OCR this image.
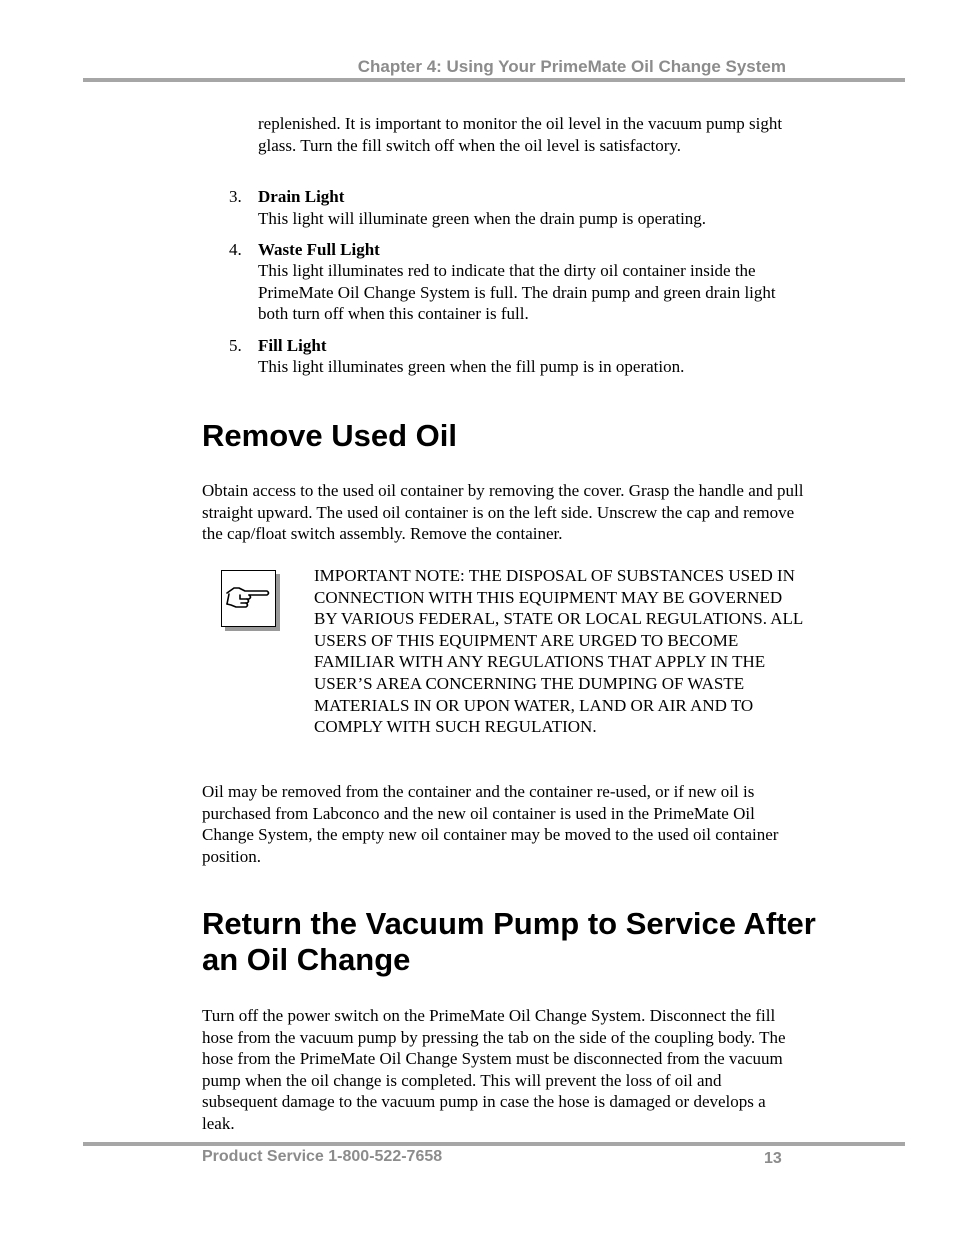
Chapter 4: Using Your PrimeMate Oil Change System

replenished. It is important to monitor the oil level in the vacuum pump sight glass. Turn the fill switch off when the oil level is satisfactory.

3. Drain Light
This light will illuminate green when the drain pump is operating.
4. Waste Full Light
This light illuminates red to indicate that the dirty oil container inside the PrimeMate Oil Change System is full. The drain pump and green drain light both turn off when this container is full.
5. Fill Light
This light illuminates green when the fill pump is in operation.
Remove Used Oil

Obtain access to the used oil container by removing the cover. Grasp the handle and pull straight upward. The used oil container is on the left side. Unscrew the cap and remove the cap/float switch assembly. Remove the container.

IMPORTANT NOTE: THE DISPOSAL OF SUBSTANCES USED IN CONNECTION WITH THIS EQUIPMENT MAY BE GOVERNED BY VARIOUS FEDERAL, STATE OR LOCAL REGULATIONS. ALL USERS OF THIS EQUIPMENT ARE URGED TO BECOME FAMILIAR WITH ANY REGULATIONS THAT APPLY IN THE USER’S AREA CONCERNING THE DUMPING OF WASTE MATERIALS IN OR UPON WATER, LAND OR AIR AND TO COMPLY WITH SUCH REGULATION.

Oil may be removed from the container and the container re-used, or if new oil is purchased from Labconco and the new oil container is used in the PrimeMate Oil Change System, the empty new oil container may be moved to the used oil container position.

Return the Vacuum Pump to Service After an Oil Change

Turn off the power switch on the PrimeMate Oil Change System. Disconnect the fill hose from the vacuum pump by pressing the tab on the side of the coupling body. The hose from the PrimeMate Oil Change System must be disconnected from the vacuum pump when the oil change is completed. This will prevent the loss of oil and subsequent damage to the vacuum pump in case the hose is damaged or develops a leak.

Product Service 1-800-522-7658	13
